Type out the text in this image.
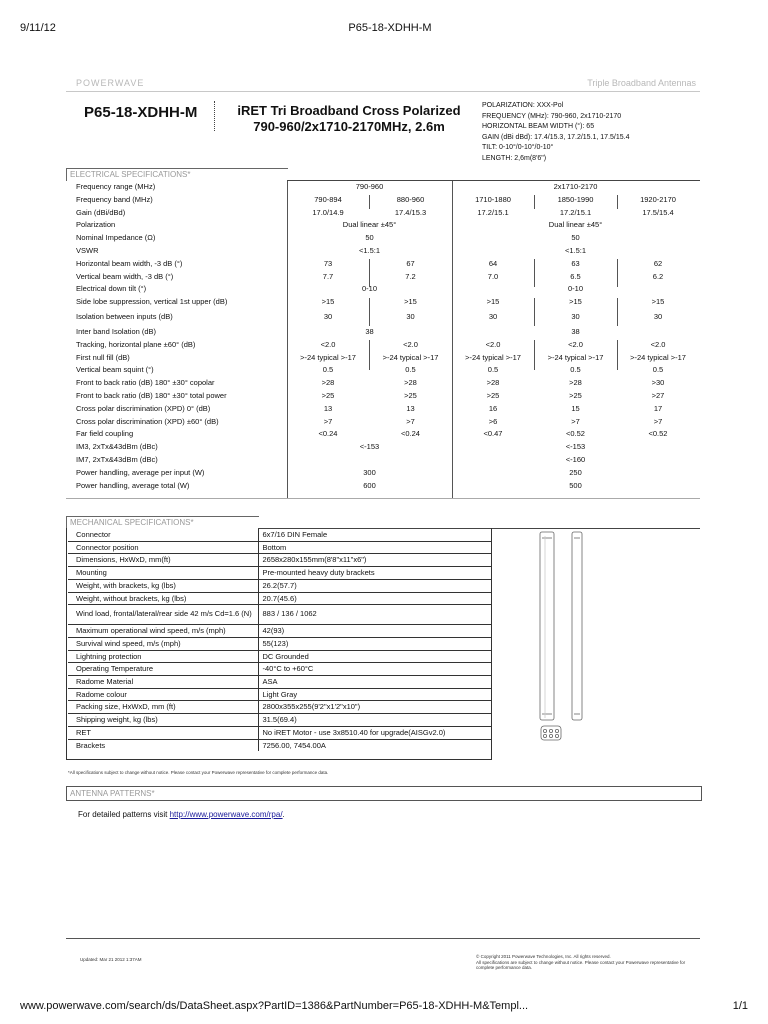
9/11/12	P65-18-XDHH-M
POWERWAVE	Triple Broadband Antennas
P65-18-XDHH-M	iRET Tri Broadband Cross Polarized
790-960/2x1710-2170MHz, 2.6m
POLARIZATION: XXX-Pol
FREQUENCY (MHz): 790-960, 2x1710-2170
HORIZONTAL BEAM WIDTH (°): 65
GAIN (dBi dBd): 17.4/15.3, 17.2/15.1, 17.5/15.4
TILT: 0-10°/0-10°/0-10°
LENGTH: 2,6m(8'6")
ELECTRICAL SPECIFICATIONS*
Frequency range (MHz)	790-960		2x1710-2170		
Frequency band (MHz)	790-894	880-960	1710-1880	1850-1990	1920-2170
Gain (dBi/dBd)	17.0/14.9	17.4/15.3	17.2/15.1	17.2/15.1	17.5/15.4
Polarization	Dual linear ±45°		Dual linear ±45°		
Nominal Impedance (Ω)	50		50		
VSWR	<1.5:1		<1.5:1		
Horizontal beam width, -3 dB (°)	73	67	64	63	62
Vertical beam width, -3 dB (°)	7.7	7.2	7.0	6.5	6.2
Electrical down tilt (°)	0-10		0-10		
Side lobe suppression, vertical 1st upper (dB)	>15	>15	>15	>15	>15
Isolation between inputs (dB)	30	30	30	30	30
Inter band Isolation (dB)	38		38		
Tracking, horizontal plane ±60° (dB)	<2.0	<2.0	<2.0	<2.0	<2.0
First null fill (dB)	>-24 typical >-17	>-24 typical >-17	>-24 typical >-17	>-24 typical >-17	>-24 typical >-17
Vertical beam squint (°)	0.5	0.5	0.5	0.5	0.5
Front to back ratio (dB) 180° ±30° copolar	>28	>28	>28	>28	>30
Front to back ratio (dB) 180° ±30° total power	>25	>25	>25	>25	>27
Cross polar discrimination (XPD) 0° (dB)	13	13	16	15	17
Cross polar discrimination (XPD) ±60° (dB)	>7	>7	>6	>7	>7
Far field coupling	<0.24	<0.24	<0.47	<0.52	<0.52
IM3, 2xTx&43dBm (dBc)	<-153		<-153		
IM7, 2xTx&43dBm (dBc)			<-160		
Power handling, average per input (W)	300		250		
Power handling, average total (W)	600		500		
MECHANICAL SPECIFICATIONS*
Connector	6x7/16 DIN Female
Connector position	Bottom
Dimensions, HxWxD, mm(ft)	2658x280x155mm(8'8"x11"x6")
Mounting	Pre-mounted heavy duty brackets
Weight, with brackets, kg (lbs)	26.2(57.7)
Weight, without brackets, kg (lbs)	20.7(45.6)
Wind load, frontal/lateral/rear side 42 m/s Cd=1.6 (N)	883 / 136 / 1062
Maximum operational wind speed, m/s (mph)	42(93)
Survival wind speed, m/s (mph)	55(123)
Lightning protection	DC Grounded
Operating Temperature	-40°C to +60°C
Radome Material	ASA
Radome colour	Light Gray
Packing size, HxWxD, mm (ft)	2800x355x255(9'2"x1'2"x10")
Shipping weight, kg (lbs)	31.5(69.4)
RET	No iRET Motor - use 3x8510.40 for upgrade(AISGv2.0)
Brackets	7256.00, 7454.00A
*All specifications subject to change without notice. Please contact your Powerwave representative for complete performance data.
ANTENNA PATTERNS*
For detailed patterns visit http://www.powerwave.com/rpa/.
Updated: Mar 21 2012 1:37AM
© Copyright 2011 Powerwave Technologies, Inc. All rights reserved.
All specifications are subject to change without notice. Please contact your Powerwave representative for complete performance data.
www.powerwave.com/search/ds/DataSheet.aspx?PartID=1386&PartNumber=P65-18-XDHH-M&Templ...	1/1
